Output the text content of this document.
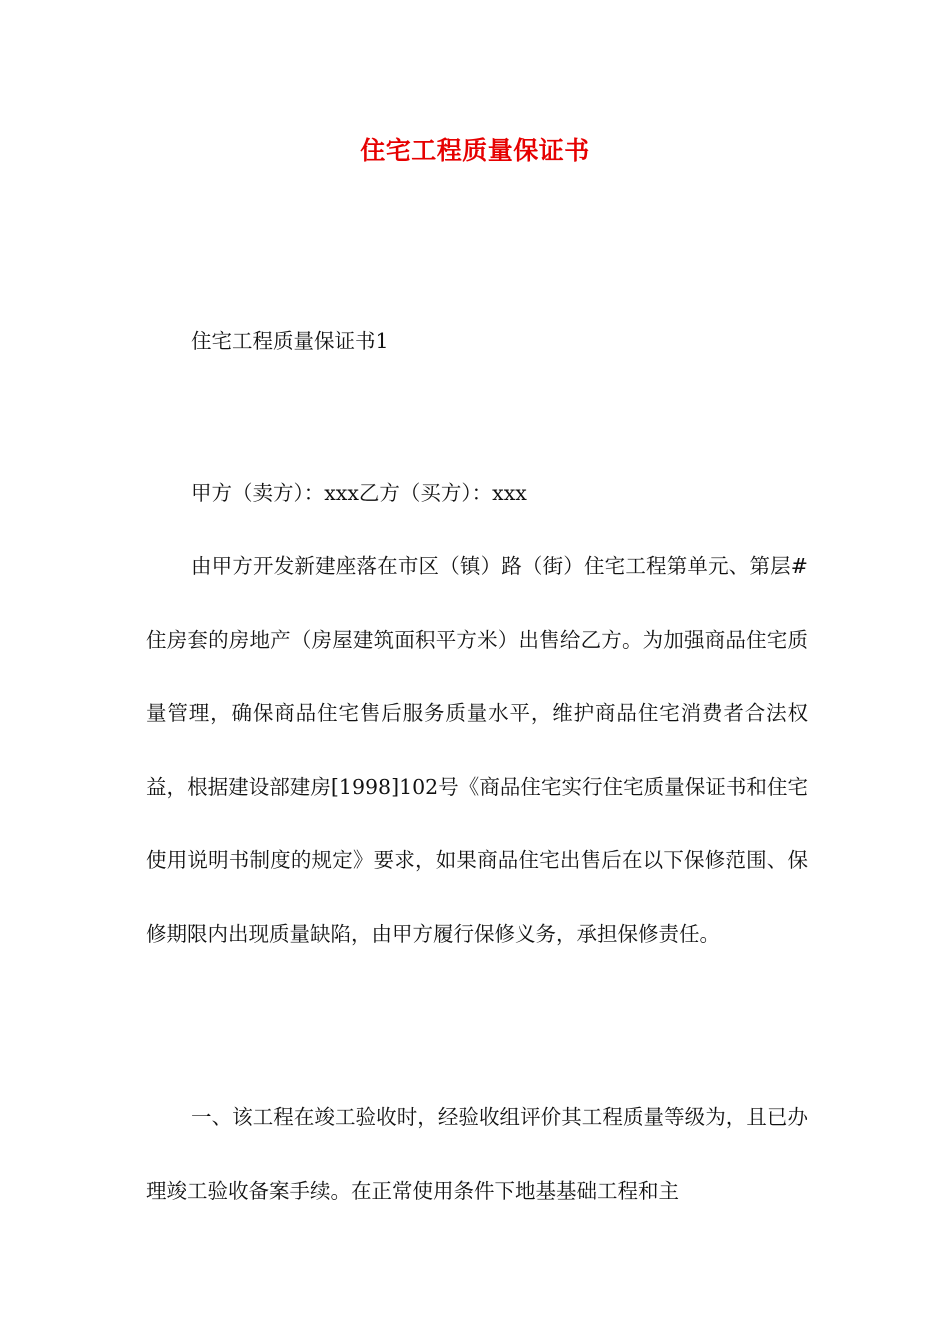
住宅工程质量保证书
住宅工程质量保证书1
甲方（卖方）：xxx乙方（买方）：xxx
由甲方开发新建座落在市区（镇）路（街）住宅工程第单元、第层#住房套的房地产（房屋建筑面积平方米）出售给乙方。为加强商品住宅质量管理，确保商品住宅售后服务质量水平，维护商品住宅消费者合法权益，根据建设部建房[1998]102号《商品住宅实行住宅质量保证书和住宅使用说明书制度的规定》要求，如果商品住宅出售后在以下保修范围、保修期限内出现质量缺陷，由甲方履行保修义务，承担保修责任。
一、该工程在竣工验收时，经验收组评价其工程质量等级为，且已办理竣工验收备案手续。在正常使用条件下地基基础工程和主
